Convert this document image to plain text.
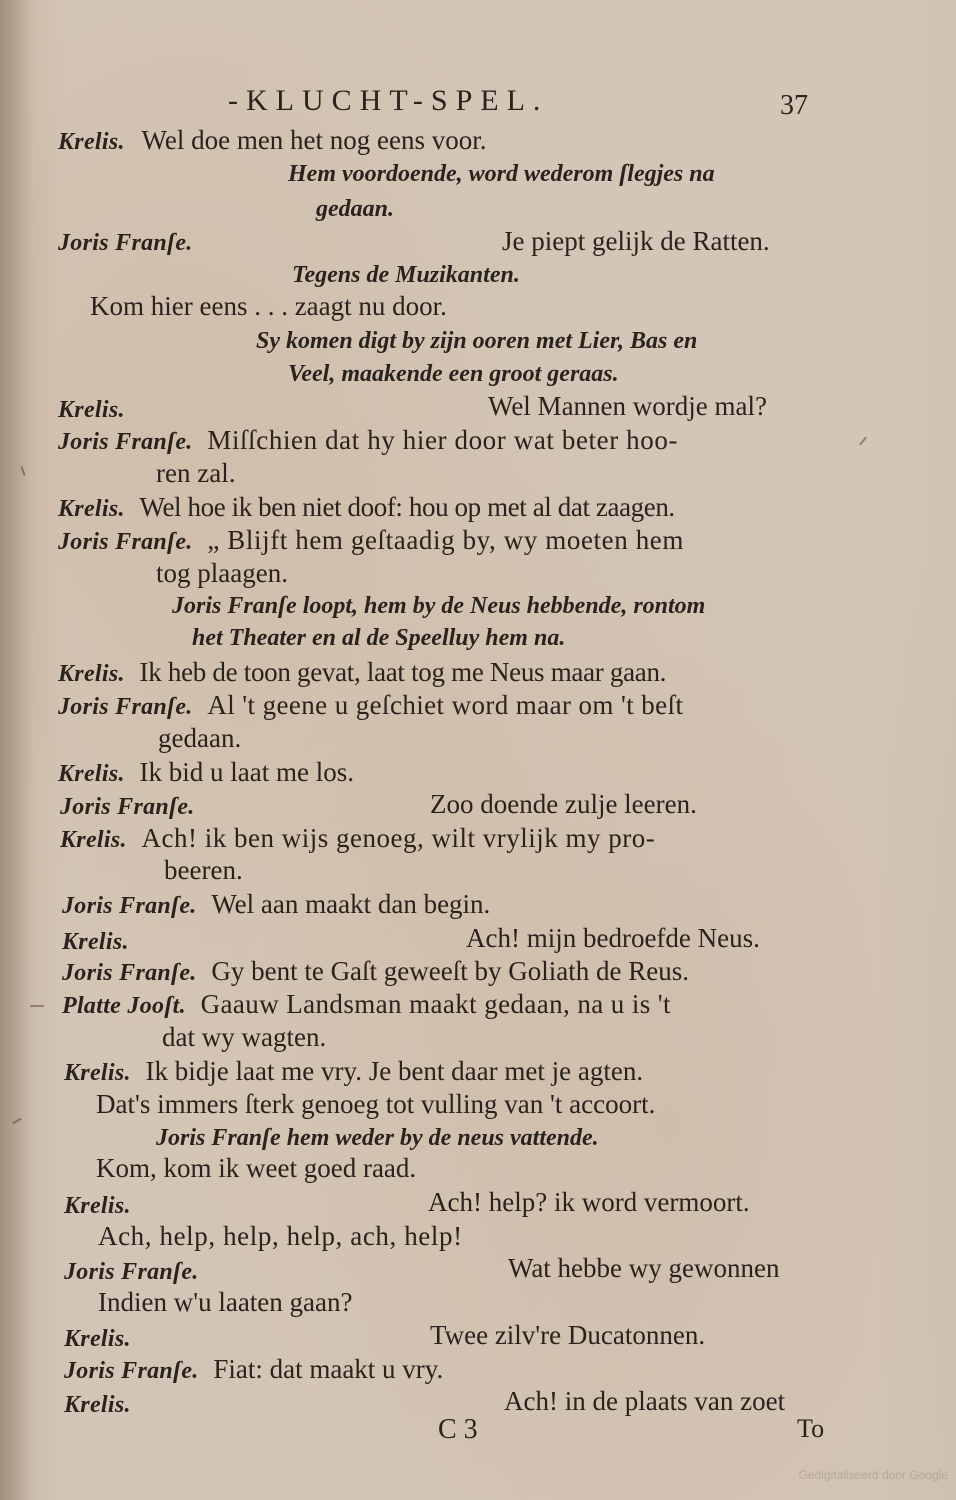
-KLUCHT-SPEL.	37
Krelis. Wel doe men het nog eens voor.
Hem voordoende, word wederom ſlegjes na
gedaan.
Joris Franſe.	Je piept gelijk de Ratten.
Tegens de Muzikanten.
Kom hier eens . . . zaagt nu door.
Sy komen digt by zijn ooren met Lier, Bas en
Veel, maakende een groot geraas.
Krelis.	Wel Mannen wordje mal?
Joris Franſe. Miſſchien dat hy hier door wat beter hoo-
ren zal.
Krelis. Wel hoe ik ben niet doof: hou op met al dat zaagen.
Joris Franſe. „ Blijft hem geſtaadig by, wy moeten hem
tog plaagen.
Joris Franſe loopt, hem by de Neus hebbende, rontom
het Theater en al de Speelluy hem na.
Krelis. Ik heb de toon gevat, laat tog me Neus maar gaan.
Joris Franſe. Al 't geene u geſchiet word maar om 't beſt
gedaan.
Krelis. Ik bid u laat me los.
Joris Franſe.	Zoo doende zulje leeren.
Krelis. Ach! ik ben wijs genoeg, wilt vrylijk my pro-
beeren.
Joris Franſe. Wel aan maakt dan begin.
Krelis.	Ach! mijn bedroefde Neus.
Joris Franſe. Gy bent te Gaſt geweeſt by Goliath de Reus.
Platte Jooſt. Gaauw Landsman maakt gedaan, na u is 't
dat wy wagten.
Krelis. Ik bidje laat me vry. Je bent daar met je agten.
Dat's immers ſterk genoeg tot vulling van 't accoort.
Joris Franſe hem weder by de neus vattende.
Kom, kom ik weet goed raad.
Krelis.	Ach! help? ik word vermoort.
Ach, help, help, help, ach, help!
Joris Franſe.	Wat hebbe wy gewonnen
Indien w'u laaten gaan?
Krelis.	Twee zilv're Ducatonnen.
Joris Franſe. Fiat: dat maakt u vry.
Krelis.	Ach! in de plaats van zoet
C 3	To
Gedigitaliseerd door Google
